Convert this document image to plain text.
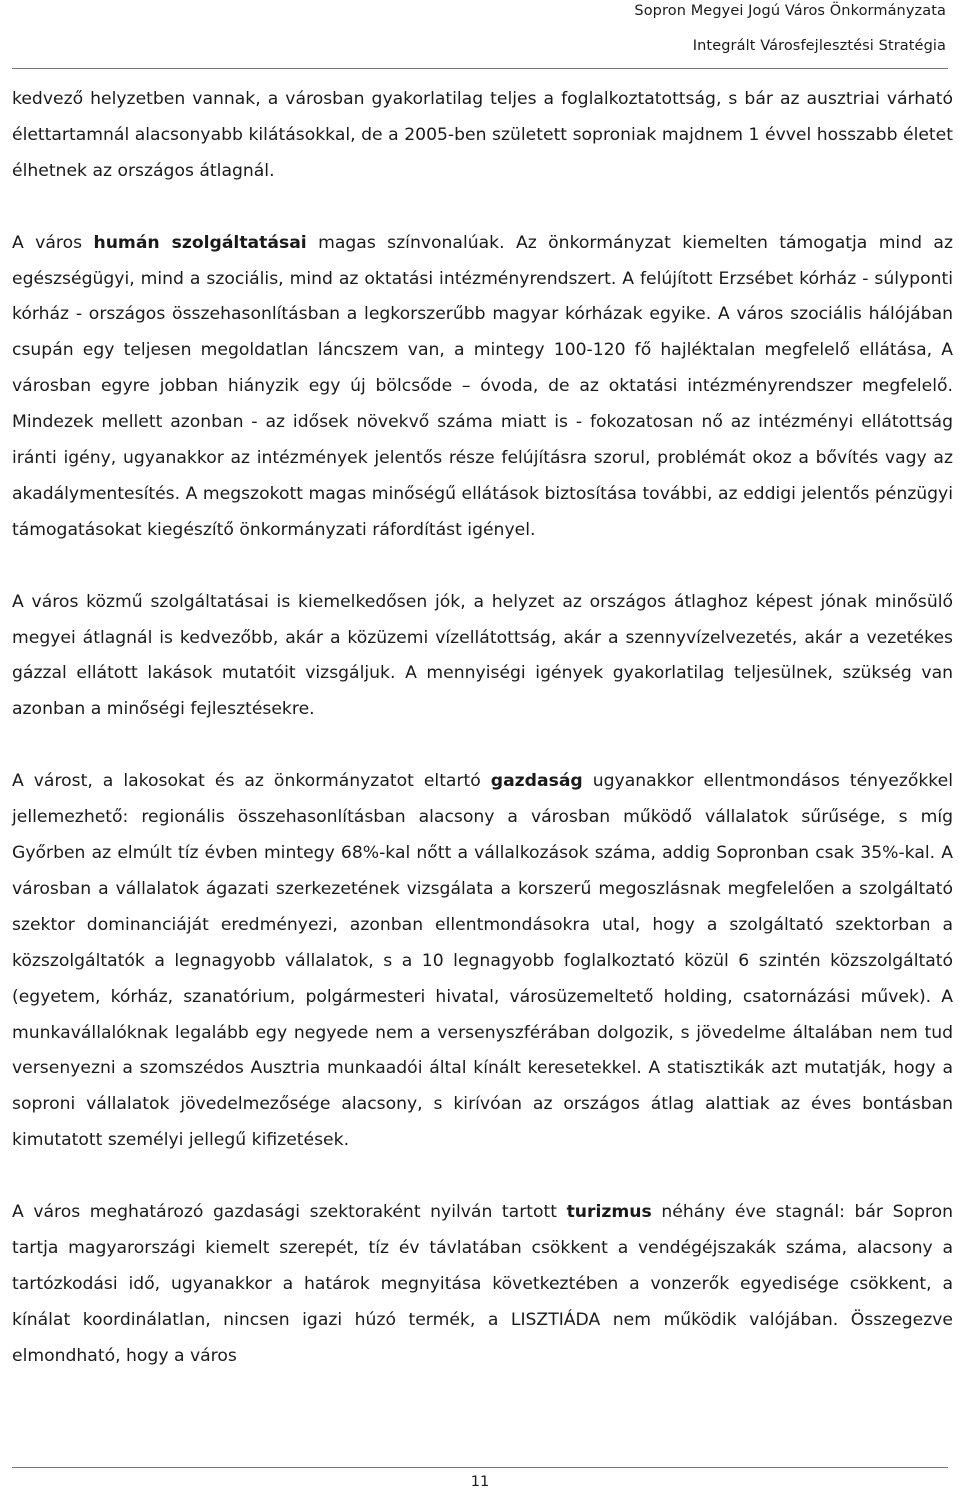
Sopron Megyei Jogú Város Önkormányzata
Integrált Városfejlesztési Stratégia

kedvező helyzetben vannak, a városban gyakorlatilag teljes a foglalkoztatottság, s bár az ausztriai várható élettartamnál alacsonyabb kilátásokkal, de a 2005-ben született soproniak majdnem 1 évvel hosszabb életet élhetnek az országos átlagnál.

A város humán szolgáltatásai magas színvonalúak. Az önkormányzat kiemelten támogatja mind az egészségügyi, mind a szociális, mind az oktatási intézményrendszert. A felújított Erzsébet kórház - súlyponti kórház - országos összehasonlításban a legkorszerűbb magyar kórházak egyike. A város szociális hálójában csupán egy teljesen megoldatlan láncszem van, a mintegy 100-120 fő hajléktalan megfelelő ellátása, A városban egyre jobban hiányzik egy új bölcsőde – óvoda, de az oktatási intézményrendszer megfelelő. Mindezek mellett azonban - az idősek növekvő száma miatt is - fokozatosan nő az intézményi ellátottság iránti igény, ugyanakkor az intézmények jelentős része felújításra szorul, problémát okoz a bővítés vagy az akadálymentesítés. A megszokott magas minőségű ellátások biztosítása további, az eddigi jelentős pénzügyi támogatásokat kiegészítő önkormányzati ráfordítást igényel.

A város közmű szolgáltatásai is kiemelkedősen jók, a helyzet az országos átlaghoz képest jónak minősülő megyei átlagnál is kedvezőbb, akár a közüzemi vízellátottság, akár a szennyvízelvezetés, akár a vezetékes gázzal ellátott lakások mutatóit vizsgáljuk. A mennyiségi igények gyakorlatilag teljesülnek, szükség van azonban a minőségi fejlesztésekre.

A várost, a lakosokat és az önkormányzatot eltartó gazdaság ugyanakkor ellentmondásos tényezőkkel jellemezhető: regionális összehasonlításban alacsony a városban működő vállalatok sűrűsége, s míg Győrben az elmúlt tíz évben mintegy 68%-kal nőtt a vállalkozások száma, addig Sopronban csak 35%-kal. A városban a vállalatok ágazati szerkezetének vizsgálata a korszerű megoszlásnak megfelelően a szolgáltató szektor dominanciáját eredményezi, azonban ellentmondásokra utal, hogy a szolgáltató szektorban a közszolgáltatók a legnagyobb vállalatok, s a 10 legnagyobb foglalkoztató közül 6 szintén közszolgáltató (egyetem, kórház, szanatórium, polgármesteri hivatal, városüzemeltető holding, csatornázási művek). A munkavállalóknak legalább egy negyede nem a versenyszférában dolgozik, s jövedelme általában nem tud versenyezni a szomszédos Ausztria munkaadói által kínált keresetekkel. A statisztikák azt mutatják, hogy a soproni vállalatok jövedelmezősége alacsony, s kirívóan az országos átlag alattiak az éves bontásban kimutatott személyi jellegű kifizetések.

A város meghatározó gazdasági szektoraként nyilván tartott turizmus néhány éve stagnál: bár Sopron tartja magyarországi kiemelt szerepét, tíz év távlatában csökkent a vendégéjszakák száma, alacsony a tartózkodási idő, ugyanakkor a határok megnyitása következtében a vonzerők egyedisége csökkent, a kínálat koordinálatlan, nincsen igazi húzó termék, a LISZTIÁDA nem működik valójában. Összegezve elmondható, hogy a város

11
